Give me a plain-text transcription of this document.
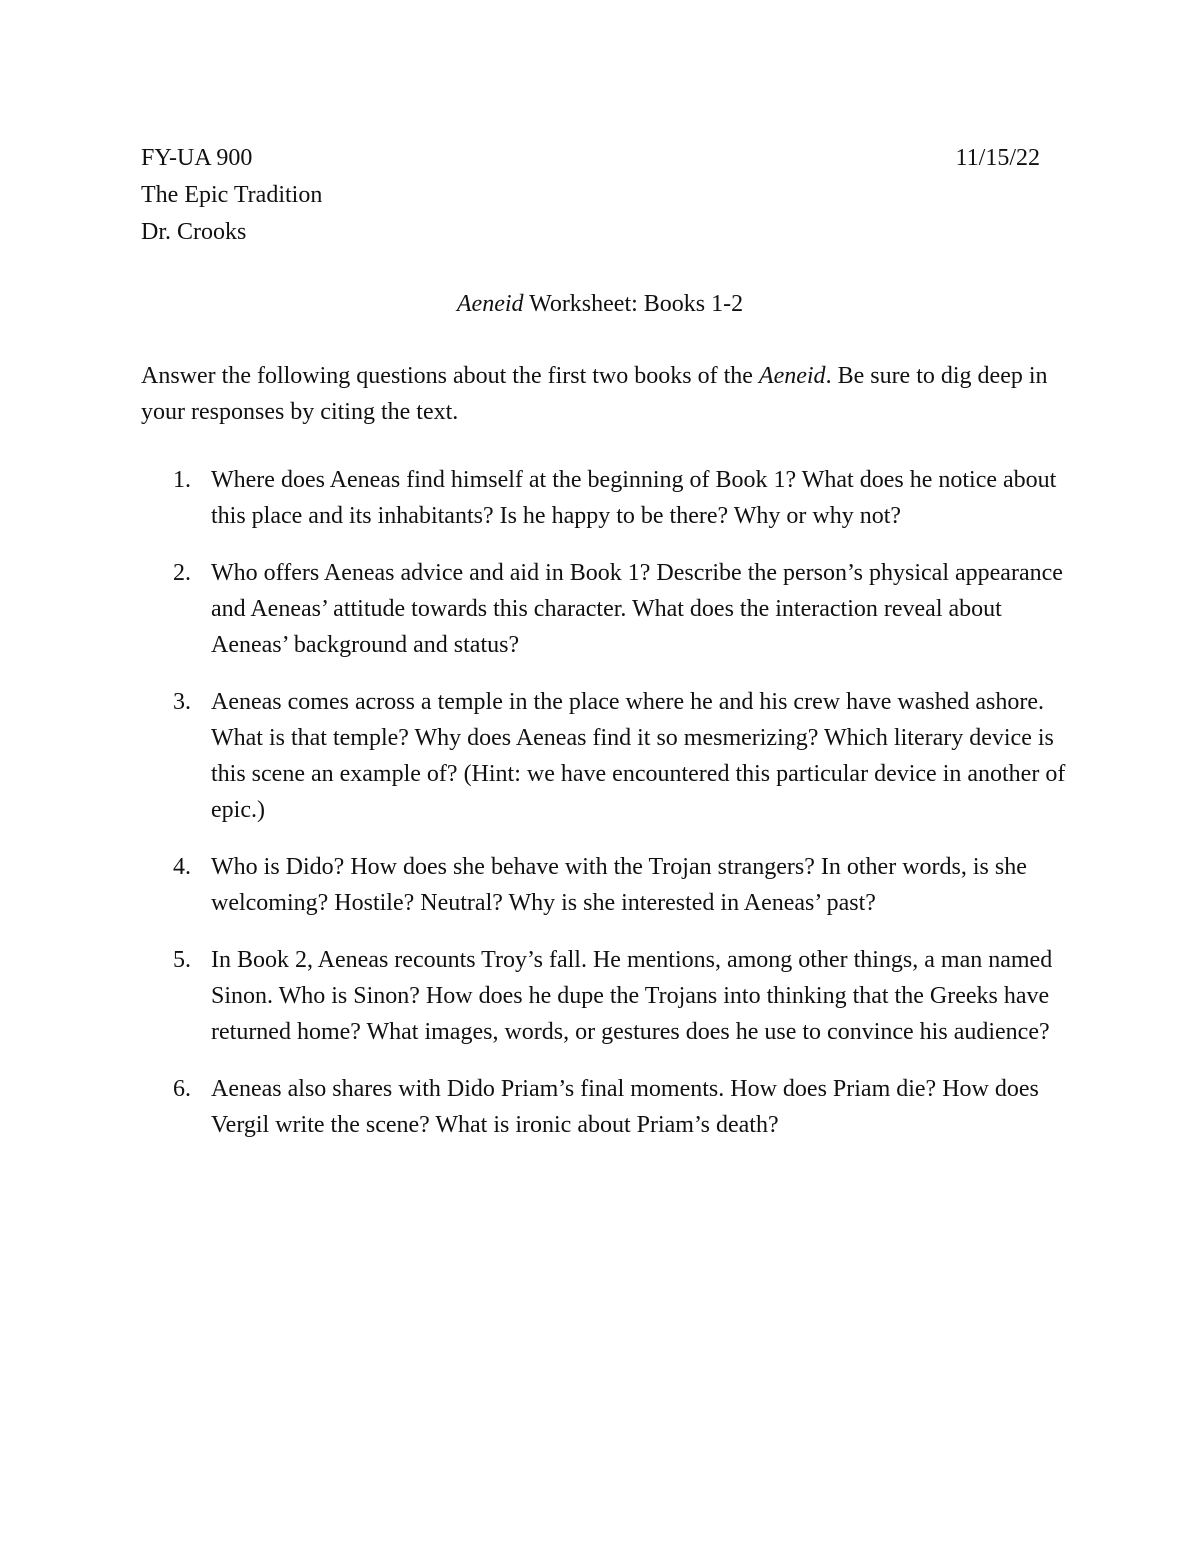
FY-UA 900
The Epic Tradition
Dr. Crooks
11/15/22
Aeneid Worksheet: Books 1-2
Answer the following questions about the first two books of the Aeneid. Be sure to dig deep in your responses by citing the text.
1. Where does Aeneas find himself at the beginning of Book 1? What does he notice about this place and its inhabitants? Is he happy to be there? Why or why not?
2. Who offers Aeneas advice and aid in Book 1? Describe the person’s physical appearance and Aeneas’ attitude towards this character. What does the interaction reveal about Aeneas’ background and status?
3. Aeneas comes across a temple in the place where he and his crew have washed ashore. What is that temple? Why does Aeneas find it so mesmerizing? Which literary device is this scene an example of? (Hint: we have encountered this particular device in another of epic.)
4. Who is Dido? How does she behave with the Trojan strangers? In other words, is she welcoming? Hostile? Neutral? Why is she interested in Aeneas’ past?
5. In Book 2, Aeneas recounts Troy’s fall. He mentions, among other things, a man named Sinon. Who is Sinon? How does he dupe the Trojans into thinking that the Greeks have returned home? What images, words, or gestures does he use to convince his audience?
6. Aeneas also shares with Dido Priam’s final moments. How does Priam die? How does Vergil write the scene? What is ironic about Priam’s death?
